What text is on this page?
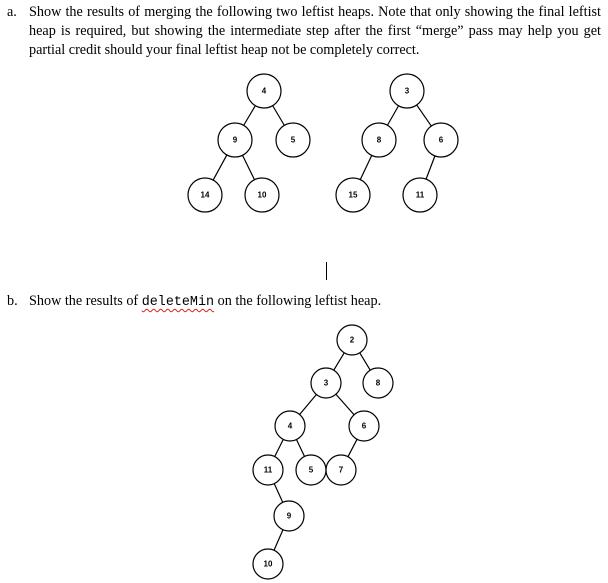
a. Show the results of merging the following two leftist heaps. Note that only showing the final leftist heap is required, but showing the intermediate step after the first “merge” pass may help you get partial credit should your final leftist heap not be completely correct.
b. Show the results of deleteMin on the following leftist heap.
4
9	5
14	10
3
8	6
15	11
2
3	8
4	6
11	5	7
9
10
